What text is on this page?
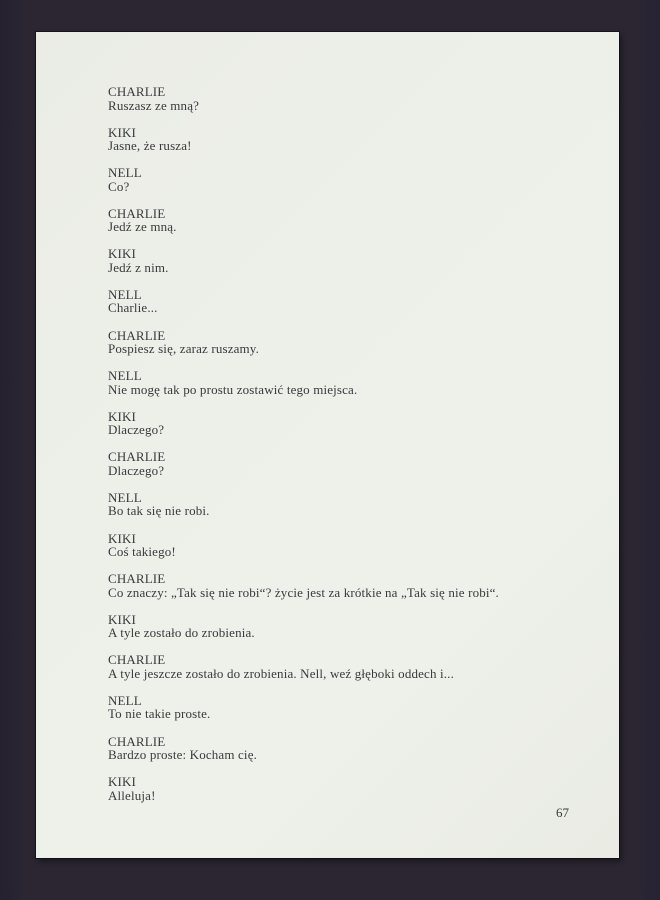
CHARLIE
Ruszasz ze mną?
KIKI
Jasne, że rusza!
NELL
Co?
CHARLIE
Jedź ze mną.
KIKI
Jedź z nim.
NELL
Charlie...
CHARLIE
Pospiesz się, zaraz ruszamy.
NELL
Nie mogę tak po prostu zostawić tego miejsca.
KIKI
Dlaczego?
CHARLIE
Dlaczego?
NELL
Bo tak się nie robi.
KIKI
Coś takiego!
CHARLIE
Co znaczy: „Tak się nie robi“? życie jest za krótkie na „Tak się nie robi“.
KIKI
A tyle zostało do zrobienia.
CHARLIE
A tyle jeszcze zostało do zrobienia. Nell, weź głęboki oddech i...
NELL
To nie takie proste.
CHARLIE
Bardzo proste: Kocham cię.
KIKI
Alleluja!
67
